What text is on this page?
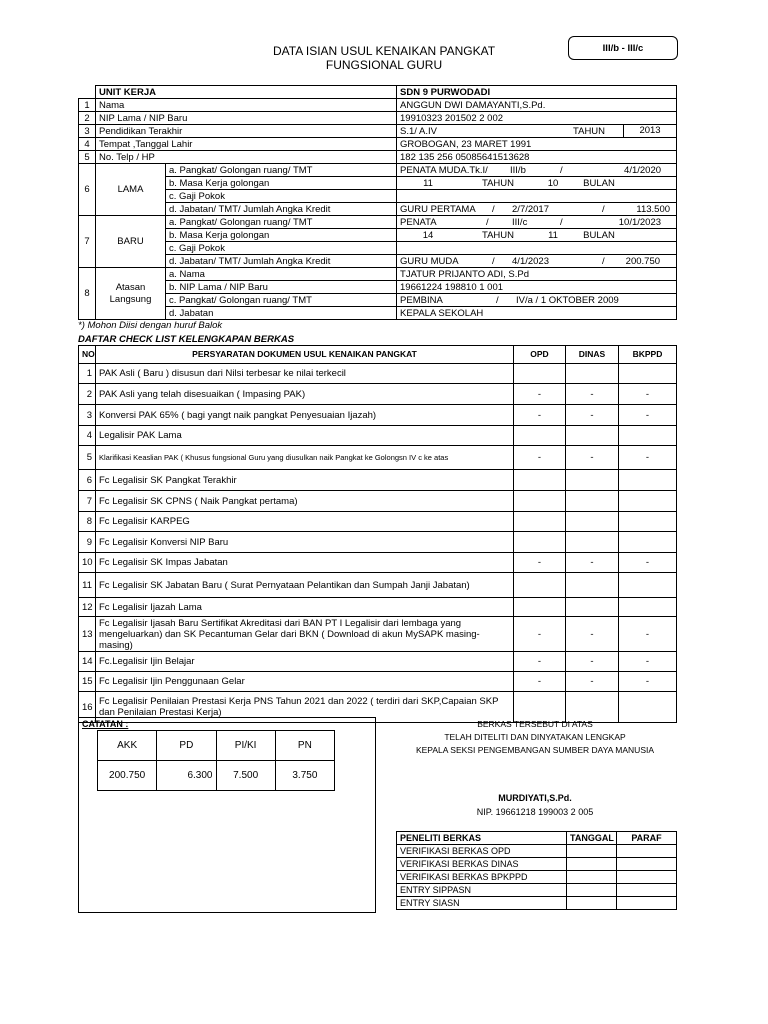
III/b - III/c
DATA ISIAN USUL KENAIKAN PANGKAT
FUNGSIONAL GURU
	UNIT KERJA		SDN 9 PURWODADI
1	Nama		ANGGUN DWI DAMAYANTI,S.Pd.
2	NIP Lama / NIP Baru		19910323 201502 2 002
3	Pendidikan Terakhir		S.1/ A.IV TAHUN 2013

4	Tempat ,Tanggal Lahir		GROBOGAN, 23 MARET 1991
5	No. Telp / HP		182 135 256 05085641513628
6	LAMA	a. Pangkat/ Golongan ruang/ TMT	PENATA MUDA.Tk.I/ III/b / 4/1/2020

		b. Masa Kerja golongan	11 TAHUN 10 BULAN

		c. Gaji Pokok	
		d. Jabatan/ TMT/ Jumlah Angka Kredit	GURU PERTAMA / 2/7/2017 / 113.500

7	BARU	a. Pangkat/ Golongan ruang/ TMT	PENATA / III/c / 10/1/2023

		b. Masa Kerja golongan	14 TAHUN 11 BULAN

		c. Gaji Pokok	
		d. Jabatan/ TMT/ Jumlah Angka Kredit	GURU MUDA / 4/1/2023 / 200.750

8	Atasan
Langsung	a. Nama	TJATUR PRIJANTO ADI, S.Pd
		b. NIP Lama / NIP Baru	19661224 198810 1 001
		c. Pangkat/ Golongan ruang/ TMT	PEMBINA / IV/a / 1 OKTOBER 2009

		d. Jabatan	KEPALA SEKOLAH
*) Mohon Diisi dengan huruf Balok
DAFTAR CHECK LIST KELENGKAPAN BERKAS
NO	PERSYARATAN DOKUMEN USUL KENAIKAN PANGKAT	OPD	DINAS	BKPPD
1	PAK Asli ( Baru ) disusun dari Nilsi terbesar ke nilai terkecil			
2	PAK Asli yang telah disesuaikan ( Impasing PAK)	-	-	-
3	Konversi PAK 65% ( bagi yangt naik pangkat Penyesuaian Ijazah)	-	-	-
4	Legalisir PAK Lama			
5	Klarifikasi Keaslian PAK ( Khusus fungsional Guru yang diusulkan naik Pangkat ke Golongsn IV c ke atas	-	-	-
6	Fc Legalisir SK Pangkat Terakhir			
7	Fc Legalisir SK CPNS ( Naik Pangkat pertama)			
8	Fc Legalisir KARPEG			
9	Fc Legalisir Konversi NIP Baru			
10	Fc Legalisir SK Impas Jabatan	-	-	-
11	Fc Legalisir SK Jabatan Baru ( Surat Pernyataan Pelantikan dan Sumpah Janji Jabatan)			
12	Fc Legalisir Ijazah Lama			
13	Fc Legalisir Ijasah Baru Sertifikat Akreditasi dari BAN PT I Legalisir dari lembaga yang mengeluarkan) dan SK Pecantuman Gelar dari BKN ( Download di akun MySAPK masing-masing)	-	-	-
14	Fc.Legalisir Ijin Belajar	-	-	-
15	Fc Legalisir Ijin Penggunaan Gelar	-	-	-
16	Fc Legalisir Penilaian Prestasi Kerja PNS Tahun 2021 dan 2022 ( terdiri dari SKP,Capaian SKP dan Penilaian Prestasi Kerja)			
CATATAN :
AKK	PD	PI/KI	PN
200.750	6.300	7.500	3.750
BERKAS TERSEBUT DI ATAS
TELAH DITELITI DAN DINYATAKAN LENGKAP
KEPALA SEKSI PENGEMBANGAN SUMBER DAYA MANUSIA
MURDIYATI,S.Pd.
NIP. 19661218 199003 2 005
PENELITI BERKAS	TANGGAL	PARAF
VERIFIKASI BERKAS OPD		
VERIFIKASI BERKAS DINAS		
VERIFIKASI BERKAS BPKPPD		
ENTRY SIPPASN		
ENTRY SIASN		
